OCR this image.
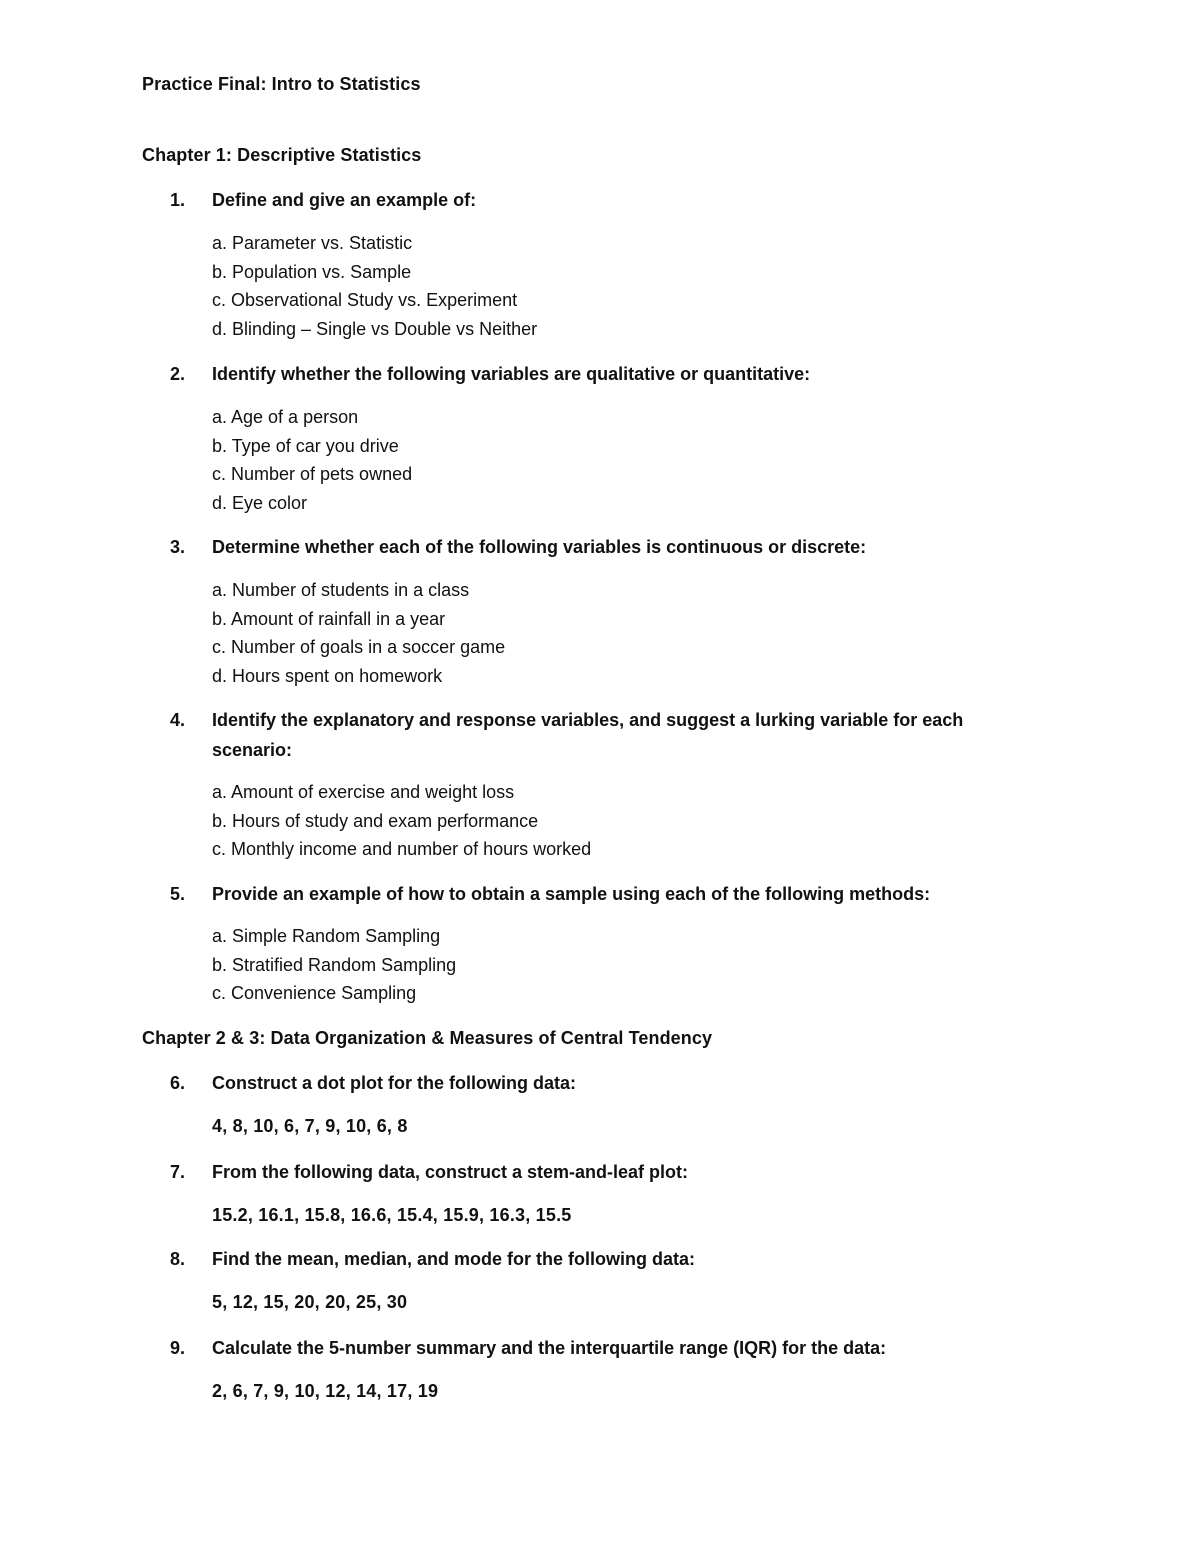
Practice Final: Intro to Statistics
Chapter 1: Descriptive Statistics
1.	Define and give an example of:
a. Parameter vs. Statistic
b. Population vs. Sample
c. Observational Study vs. Experiment
d. Blinding – Single vs Double vs Neither
2.	Identify whether the following variables are qualitative or quantitative:
a. Age of a person
b. Type of car you drive
c. Number of pets owned
d. Eye color
3.	Determine whether each of the following variables is continuous or discrete:
a. Number of students in a class
b. Amount of rainfall in a year
c. Number of goals in a soccer game
d. Hours spent on homework
4.	Identify the explanatory and response variables, and suggest a lurking variable for each scenario:
a. Amount of exercise and weight loss
b. Hours of study and exam performance
c. Monthly income and number of hours worked
5.	Provide an example of how to obtain a sample using each of the following methods:
a. Simple Random Sampling
b. Stratified Random Sampling
c. Convenience Sampling
Chapter 2 & 3: Data Organization & Measures of Central Tendency
6.	Construct a dot plot for the following data:
4, 8, 10, 6, 7, 9, 10, 6, 8
7.	From the following data, construct a stem-and-leaf plot:
15.2, 16.1, 15.8, 16.6, 15.4, 15.9, 16.3, 15.5
8.	Find the mean, median, and mode for the following data:
5, 12, 15, 20, 20, 25, 30
9.	Calculate the 5-number summary and the interquartile range (IQR) for the data:
2, 6, 7, 9, 10, 12, 14, 17, 19
